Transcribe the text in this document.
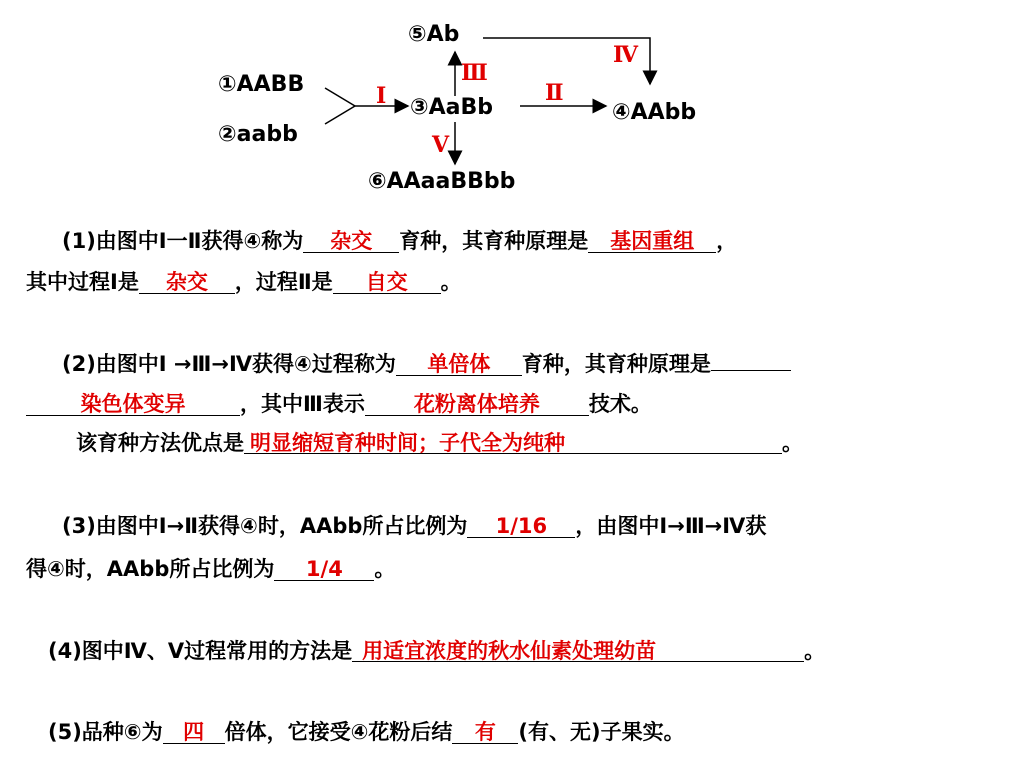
⑤Ab
①AABB
②aabb
③AaBb	④AAbb
⑥AAaaBBbb
Ⅰ	Ⅱ
Ⅲ
Ⅳ
V
(1)由图中Ⅰ一Ⅱ获得④称为 杂交 育种，其育种原理是 基因重组 ，
其中过程Ⅰ是 杂交 ，过程Ⅱ是 自交 。
(2)由图中Ⅰ →Ⅲ→Ⅳ获得④过程称为 单倍体 育种，其育种原理是
染色体变异	，其中Ⅲ表示 花粉离体培养 技术。
该育种方法优点是 明显缩短育种时间；子代全为纯种	。
(3)由图中Ⅰ→Ⅱ获得④时，AAbb所占比例为 1/16 ，由图中Ⅰ→Ⅲ→Ⅳ获
得④时，AAbb所占比例为 1/4 。
(4)图中Ⅳ、V过程常用的方法是 用适宜浓度的秋水仙素处理幼苗	。
(5)品种⑥为 四 倍体，它接受④花粉后结 有 (有、无)子果实。
